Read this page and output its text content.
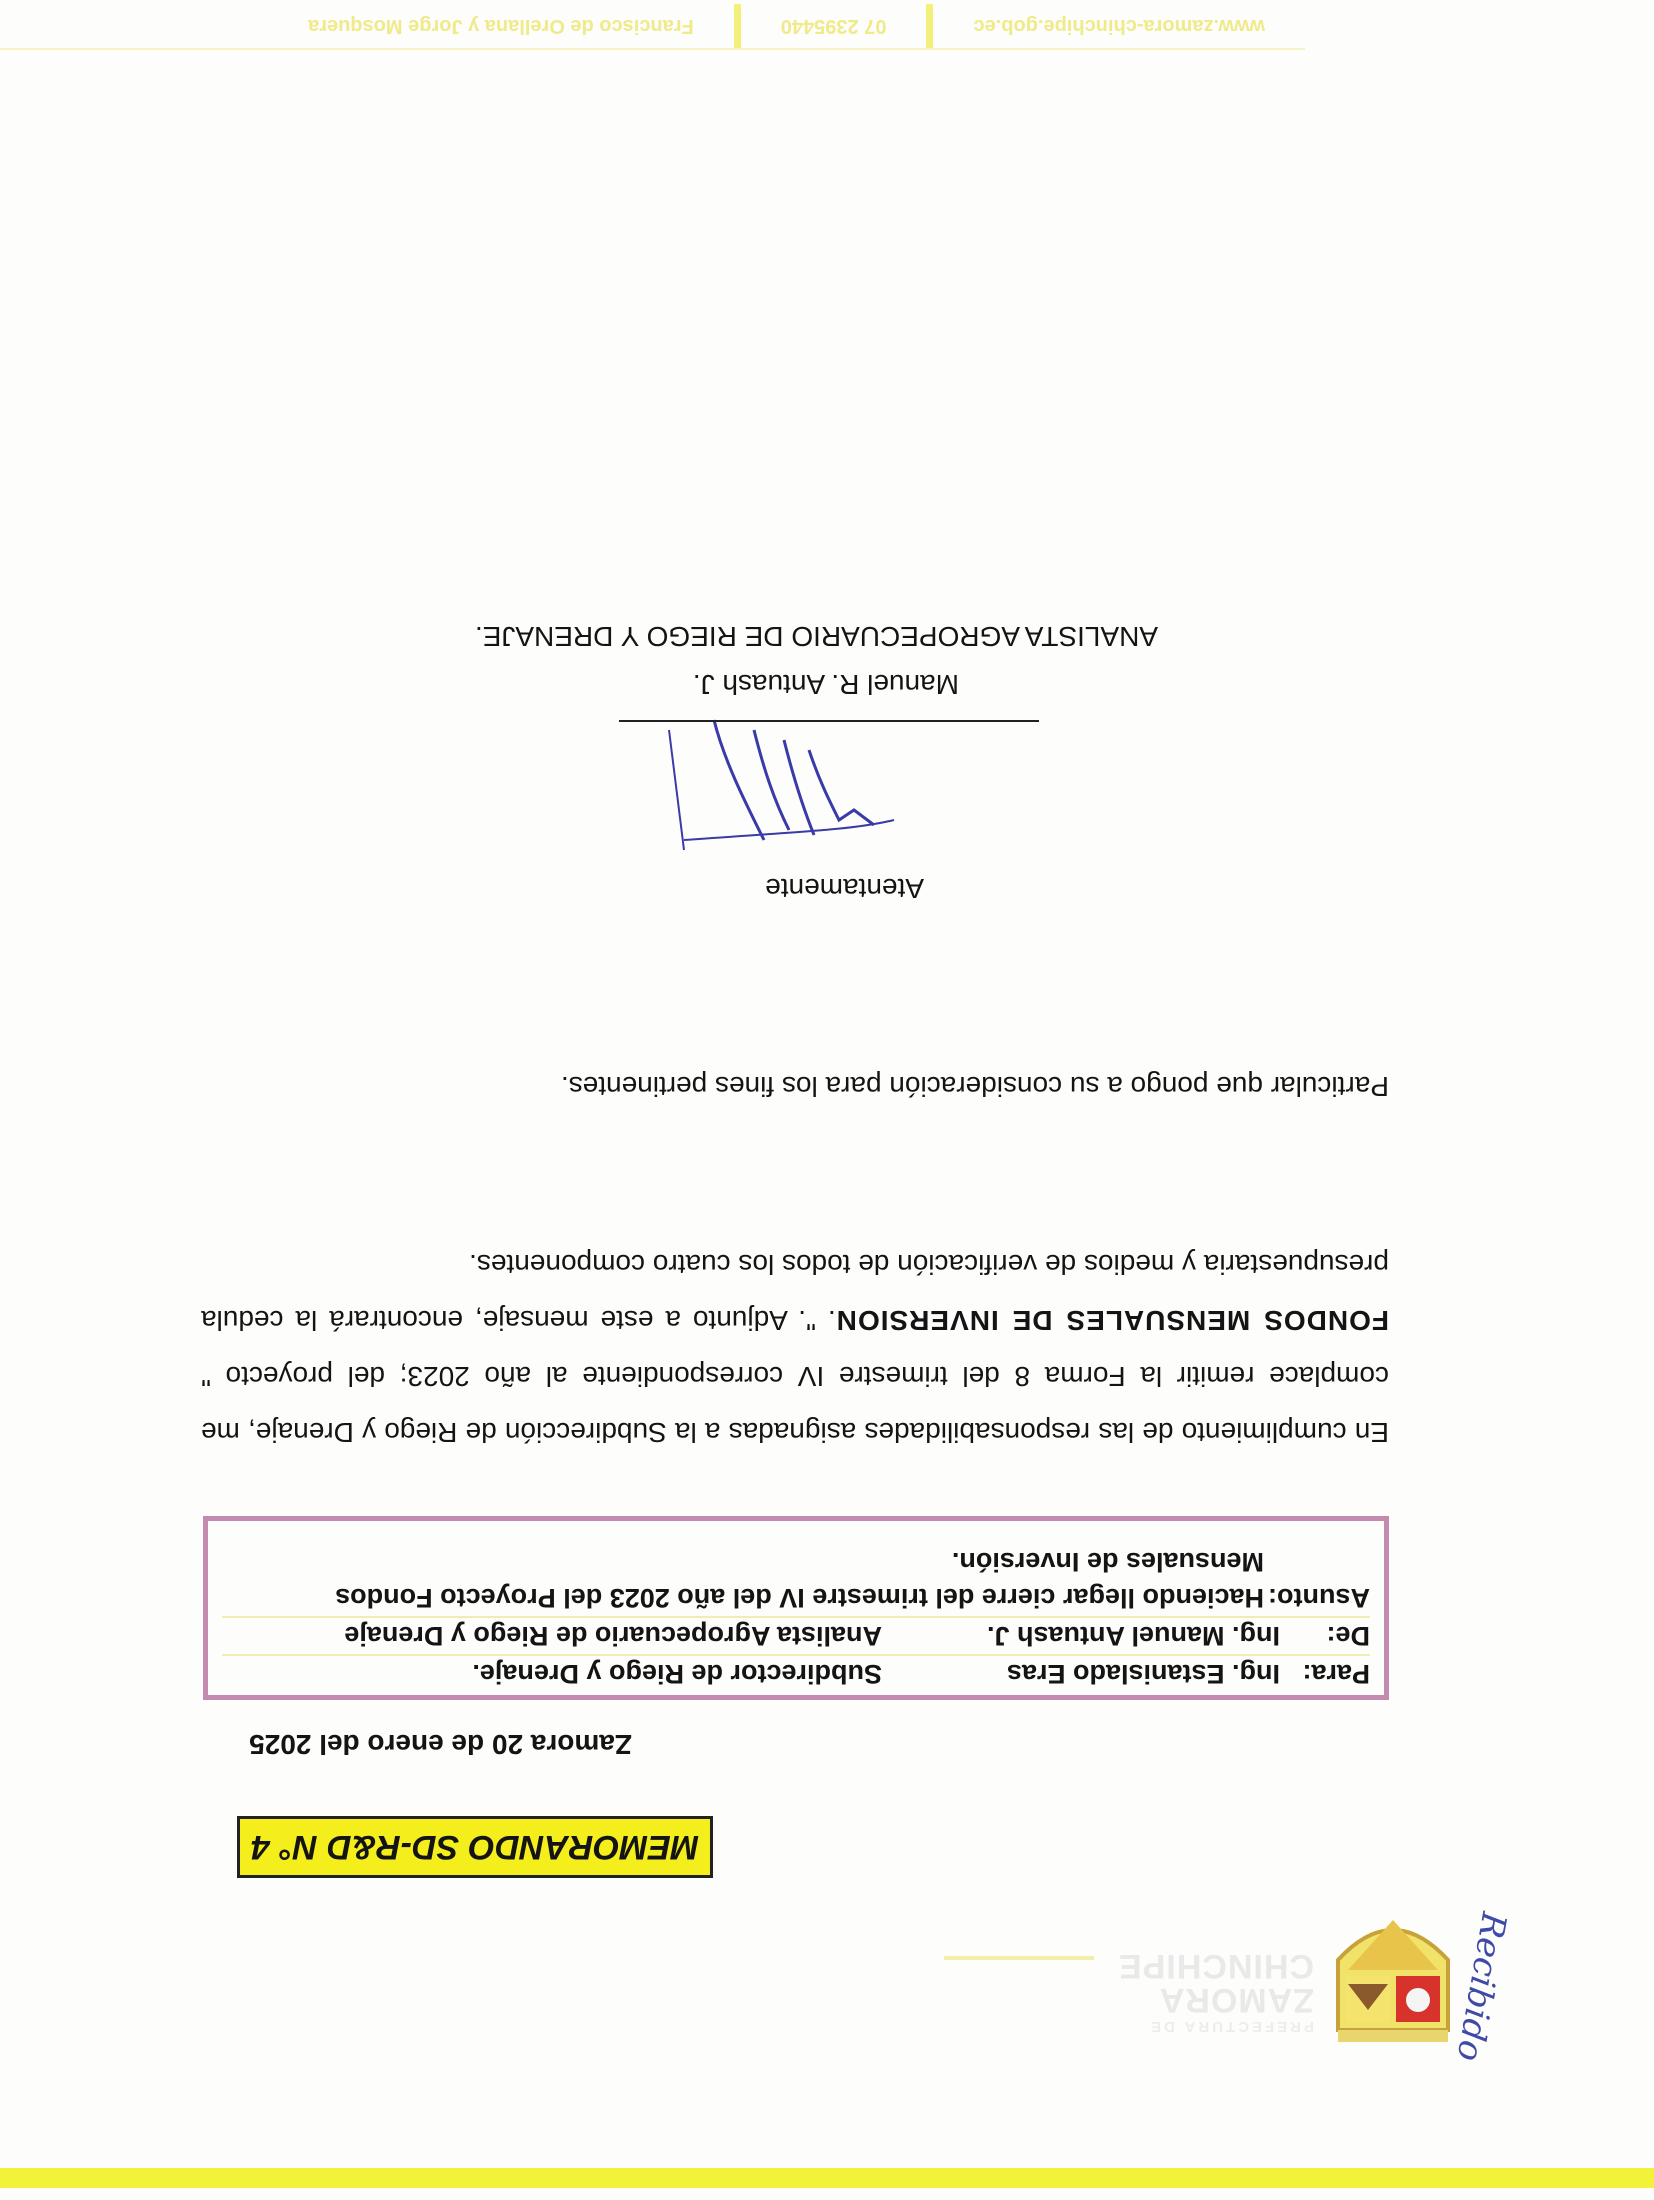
PREFECTURA DE
ZAMORA
CHINCHIPE	Recibido
MEMORANDO SD-R&D N° 4
Zamora 20 de enero del 2025
Para:
Ing. Estanislado Eras
Subdirector de Riego y Drenaje.
De:
Ing. Manuel Antuash J.
Analista Agropecuario de Riego y Drenaje
Asunto:
Haciendo llegar cierre del trimestre IV del año 2023 del Proyecto Fondos Mensuales de Inversión.
En cumplimiento de las responsabilidades asignadas a la Subdirección de Riego y Drenaje, me complace remitir la Forma 8 del trimestre IV correspondiente al año 2023; del proyecto " FONDOS MENSUALES DE INVERSION. ". Adjunto a este mensaje, encontrará la cedula presupuestaria y medios de verificación de todos los cuatro componentes.
Particular que pongo a su consideración para los fines pertinentes.
Atentamente
Manuel R. Antuash J.
ANALISTA AGROPECUARIO DE RIEGO Y DRENAJE.
www.zamora-chinchipe.gob.ec
07 2395440
Francisco de Orellana y Jorge Mosquera
